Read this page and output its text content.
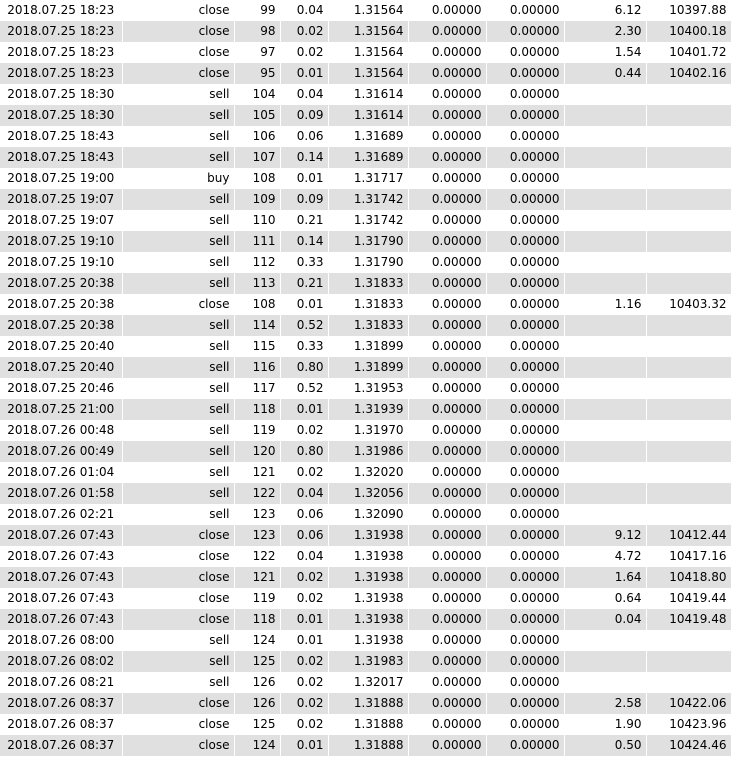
2018.07.25 18:23	close	99	0.04	1.31564	0.00000	0.00000	6.12	10397.88
2018.07.25 18:23	close	98	0.02	1.31564	0.00000	0.00000	2.30	10400.18
2018.07.25 18:23	close	97	0.02	1.31564	0.00000	0.00000	1.54	10401.72
2018.07.25 18:23	close	95	0.01	1.31564	0.00000	0.00000	0.44	10402.16
2018.07.25 18:30	sell	104	0.04	1.31614	0.00000	0.00000		
2018.07.25 18:30	sell	105	0.09	1.31614	0.00000	0.00000		
2018.07.25 18:43	sell	106	0.06	1.31689	0.00000	0.00000		
2018.07.25 18:43	sell	107	0.14	1.31689	0.00000	0.00000		
2018.07.25 19:00	buy	108	0.01	1.31717	0.00000	0.00000		
2018.07.25 19:07	sell	109	0.09	1.31742	0.00000	0.00000		
2018.07.25 19:07	sell	110	0.21	1.31742	0.00000	0.00000		
2018.07.25 19:10	sell	111	0.14	1.31790	0.00000	0.00000		
2018.07.25 19:10	sell	112	0.33	1.31790	0.00000	0.00000		
2018.07.25 20:38	sell	113	0.21	1.31833	0.00000	0.00000		
2018.07.25 20:38	close	108	0.01	1.31833	0.00000	0.00000	1.16	10403.32
2018.07.25 20:38	sell	114	0.52	1.31833	0.00000	0.00000		
2018.07.25 20:40	sell	115	0.33	1.31899	0.00000	0.00000		
2018.07.25 20:40	sell	116	0.80	1.31899	0.00000	0.00000		
2018.07.25 20:46	sell	117	0.52	1.31953	0.00000	0.00000		
2018.07.25 21:00	sell	118	0.01	1.31939	0.00000	0.00000		
2018.07.26 00:48	sell	119	0.02	1.31970	0.00000	0.00000		
2018.07.26 00:49	sell	120	0.80	1.31986	0.00000	0.00000		
2018.07.26 01:04	sell	121	0.02	1.32020	0.00000	0.00000		
2018.07.26 01:58	sell	122	0.04	1.32056	0.00000	0.00000		
2018.07.26 02:21	sell	123	0.06	1.32090	0.00000	0.00000		
2018.07.26 07:43	close	123	0.06	1.31938	0.00000	0.00000	9.12	10412.44
2018.07.26 07:43	close	122	0.04	1.31938	0.00000	0.00000	4.72	10417.16
2018.07.26 07:43	close	121	0.02	1.31938	0.00000	0.00000	1.64	10418.80
2018.07.26 07:43	close	119	0.02	1.31938	0.00000	0.00000	0.64	10419.44
2018.07.26 07:43	close	118	0.01	1.31938	0.00000	0.00000	0.04	10419.48
2018.07.26 08:00	sell	124	0.01	1.31938	0.00000	0.00000		
2018.07.26 08:02	sell	125	0.02	1.31983	0.00000	0.00000		
2018.07.26 08:21	sell	126	0.02	1.32017	0.00000	0.00000		
2018.07.26 08:37	close	126	0.02	1.31888	0.00000	0.00000	2.58	10422.06
2018.07.26 08:37	close	125	0.02	1.31888	0.00000	0.00000	1.90	10423.96
2018.07.26 08:37	close	124	0.01	1.31888	0.00000	0.00000	0.50	10424.46
